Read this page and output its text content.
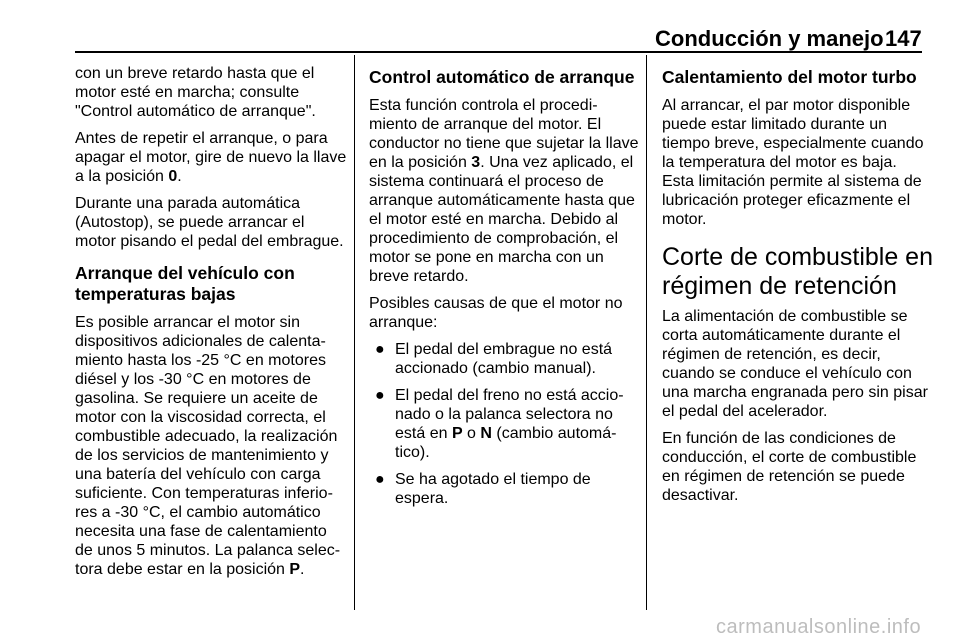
Conducción y manejo 147

con un breve retardo hasta que el
motor esté en marcha; consulte
"Control automático de arranque".

Antes de repetir el arranque, o para
apagar el motor, gire de nuevo la llave
a la posición 0.

Durante una parada automática
(Autostop), se puede arrancar el
motor pisando el pedal del embrague.

Arranque del vehículo con
temperaturas bajas

Es posible arrancar el motor sin
dispositivos adicionales de calenta-
miento hasta los -25 °C en motores
diésel y los -30 °C en motores de
gasolina. Se requiere un aceite de
motor con la viscosidad correcta, el
combustible adecuado, la realización
de los servicios de mantenimiento y
una batería del vehículo con carga
suficiente. Con temperaturas inferio-
res a -30 °C, el cambio automático
necesita una fase de calentamiento
de unos 5 minutos. La palanca selec-
tora debe estar en la posición P.

Control automático de arranque

Esta función controla el procedi-
miento de arranque del motor. El
conductor no tiene que sujetar la llave
en la posición 3. Una vez aplicado, el
sistema continuará el proceso de
arranque automáticamente hasta que
el motor esté en marcha. Debido al
procedimiento de comprobación, el
motor se pone en marcha con un
breve retardo.

Posibles causas de que el motor no
arranque:

● El pedal del embrague no está
accionado (cambio manual).
● El pedal del freno no está accio-
nado o la palanca selectora no
está en P o N (cambio automá-
tico).
● Se ha agotado el tiempo de
espera.
Calentamiento del motor turbo

Al arrancar, el par motor disponible
puede estar limitado durante un
tiempo breve, especialmente cuando
la temperatura del motor es baja.
Esta limitación permite al sistema de
lubricación proteger eficazmente el
motor.

Corte de combustible en
régimen de retención

La alimentación de combustible se
corta automáticamente durante el
régimen de retención, es decir,
cuando se conduce el vehículo con
una marcha engranada pero sin pisar
el pedal del acelerador.

En función de las condiciones de
conducción, el corte de combustible
en régimen de retención se puede
desactivar.

carmanualsonline.info
